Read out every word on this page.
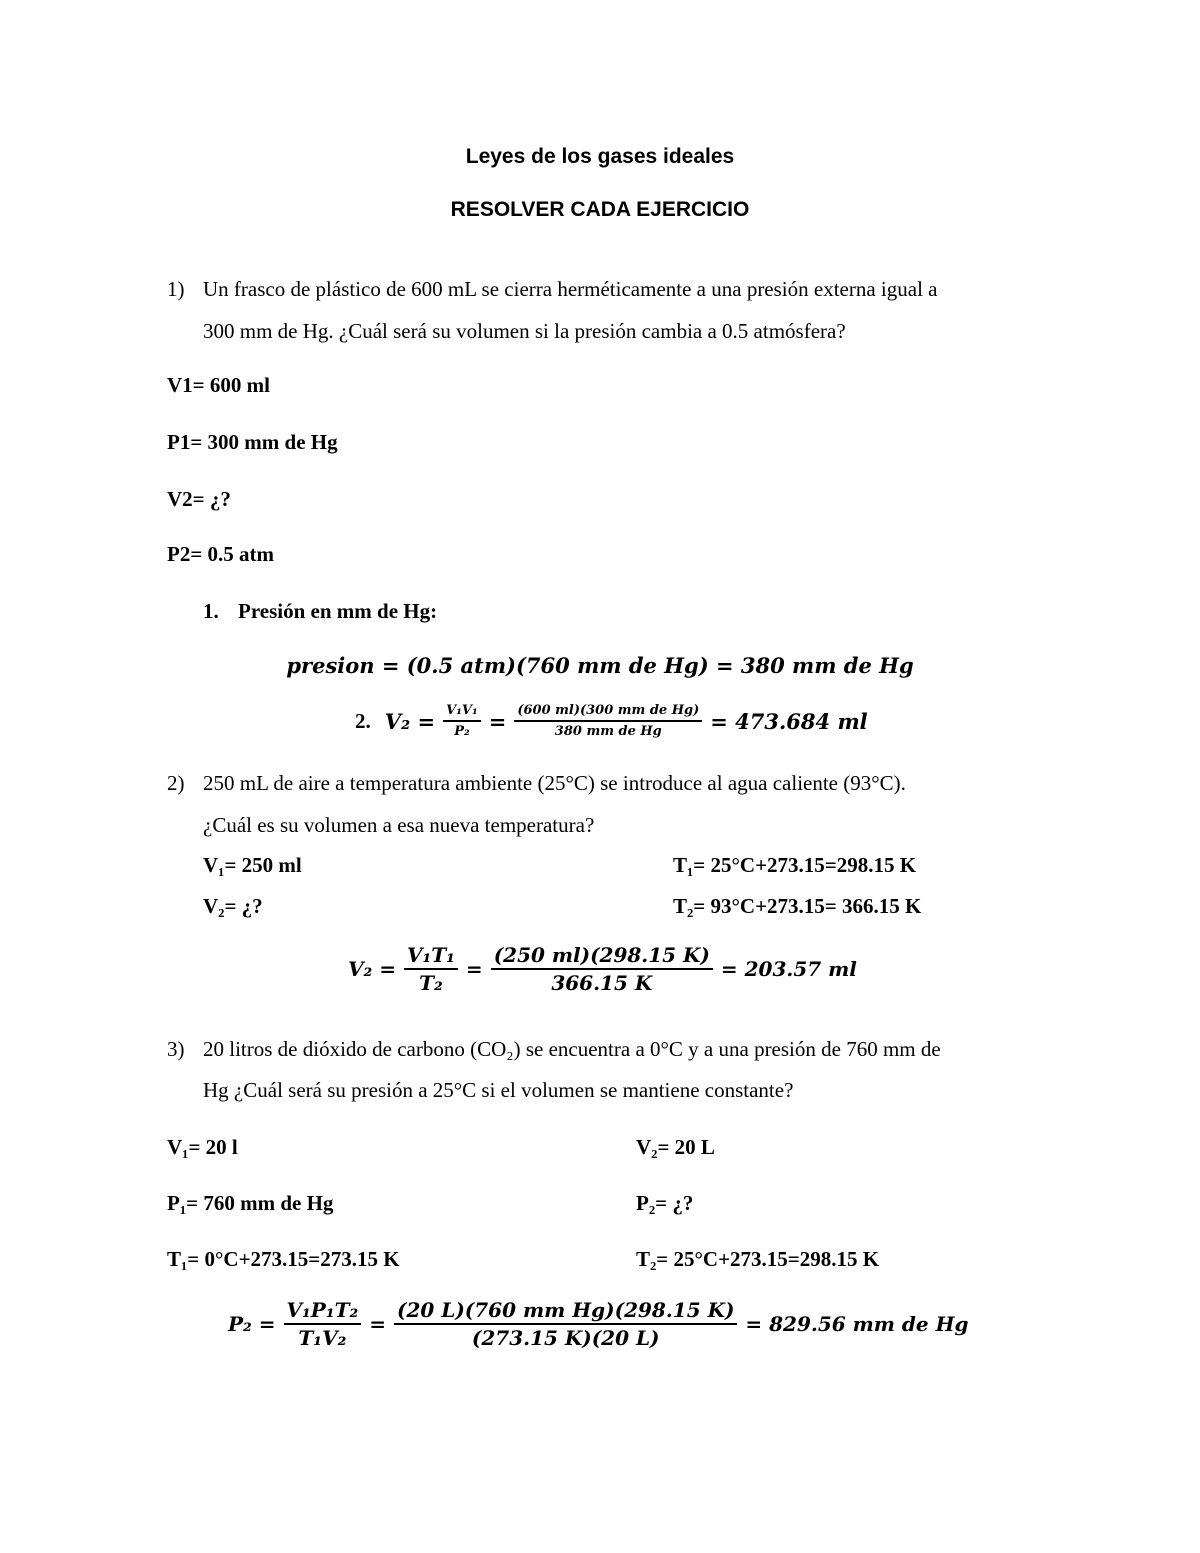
Leyes de los gases ideales
RESOLVER CADA EJERCICIO
1) Un frasco de plástico de 600 mL se cierra herméticamente a una presión externa igual a
300 mm de Hg. ¿Cuál será su volumen si la presión cambia a 0.5 atmósfera?
V1= 600 ml
P1= 300 mm de Hg
V2= ¿?
P2= 0.5 atm
1. Presión en mm de Hg:
presion = (0.5 atm)(760 mm de Hg) = 380 mm de Hg
2. $V_2 = \frac{\text{V₁V₁}}{\text{P₂}} = \frac{\text{(600 ml)(300 mm de Hg)}}{\text{380 mm de Hg}} = 473.684$ ml
2) 250 mL de aire a temperatura ambiente (25°C) se introduce al agua caliente (93°C).
¿Cuál es su volumen a esa nueva temperatura?
V₁= 250 ml	T₁= 25°C+273.15=298.15 K
V₂= ¿?	T₂= 93°C+273.15= 366.15 K
$V_2 = \frac{\text{V₁T₁}}{\text{T₂}} = \frac{(250 ml)(298.15 K)}{366.15 K} = 203.57$ ml
3) 20 litros de dióxido de carbono (CO₂) se encuentra a 0°C y a una presión de 760 mm de
Hg ¿Cuál será su presión a 25°C si el volumen se mantiene constante?
V₁= 20 l	V₂= 20 L
P₁= 760 mm de Hg	P₂= ¿?
T₁= 0°C+273.15=273.15 K	T₂= 25°C+273.15=298.15 K
$P_2 = \frac{\text{V₁P₁T₂}}{\text{T₁V₂}} = \frac{\text{(20 L)(760 mm Hg)(298.15 K)}}{(273.15 K)(20 L)} = 829.56$ mm de Hg
